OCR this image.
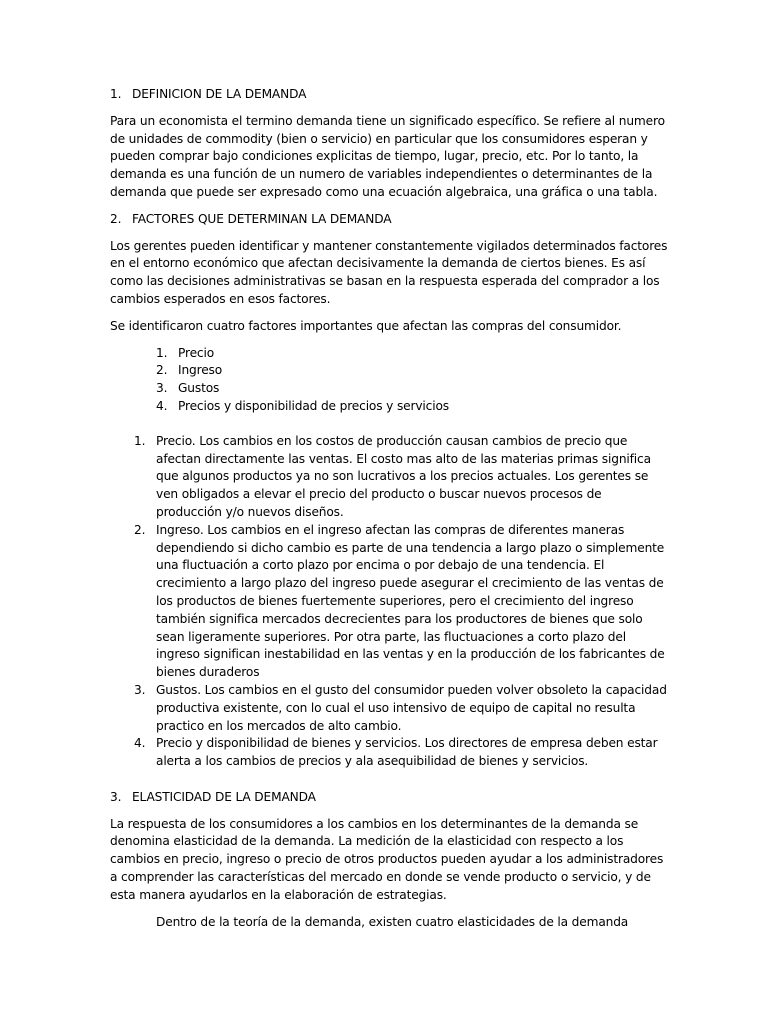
1. DEFINICION DE LA DEMANDA

Para un economista el termino demanda tiene un significado específico. Se refiere al numero de unidades de commodity (bien o servicio) en particular que los consumidores esperan y pueden comprar bajo condiciones explicitas de tiempo, lugar, precio, etc. Por lo tanto, la demanda es una función de un numero de variables independientes o determinantes de la demanda que puede ser expresado como una ecuación algebraica, una gráfica o una tabla.

2. FACTORES QUE DETERMINAN LA DEMANDA

Los gerentes pueden identificar y mantener constantemente vigilados determinados factores en el entorno económico que afectan decisivamente la demanda de ciertos bienes. Es así como las decisiones administrativas se basan en la respuesta esperada del comprador a los cambios esperados en esos factores.

Se identificaron cuatro factores importantes que afectan las compras del consumidor.

1. Precio
2. Ingreso
3. Gustos
4. Precios y disponibilidad de precios y servicios
1. Precio. Los cambios en los costos de producción causan cambios de precio que afectan directamente las ventas. El costo mas alto de las materias primas significa que algunos productos ya no son lucrativos a los precios actuales. Los gerentes se ven obligados a elevar el precio del producto o buscar nuevos procesos de producción y/o nuevos diseños.
2. Ingreso. Los cambios en el ingreso afectan las compras de diferentes maneras dependiendo si dicho cambio es parte de una tendencia a largo plazo o simplemente una fluctuación a corto plazo por encima o por debajo de una tendencia. El crecimiento a largo plazo del ingreso puede asegurar el crecimiento de las ventas de los productos de bienes fuertemente superiores, pero el crecimiento del ingreso también significa mercados decrecientes para los productores de bienes que solo sean ligeramente superiores. Por otra parte, las fluctuaciones a corto plazo del ingreso significan inestabilidad en las ventas y en la producción de los fabricantes de bienes duraderos
3. Gustos. Los cambios en el gusto del consumidor pueden volver obsoleto la capacidad productiva existente, con lo cual el uso intensivo de equipo de capital no resulta practico en los mercados de alto cambio.
4. Precio y disponibilidad de bienes y servicios. Los directores de empresa deben estar alerta a los cambios de precios y ala asequibilidad de bienes y servicios.
3. ELASTICIDAD DE LA DEMANDA

La respuesta de los consumidores a los cambios en los determinantes de la demanda se denomina elasticidad de la demanda. La medición de la elasticidad con respecto a los cambios en precio, ingreso o precio de otros productos pueden ayudar a los administradores a comprender las características del mercado en donde se vende producto o servicio, y de esta manera ayudarlos en la elaboración de estrategias.

Dentro de la teoría de la demanda, existen cuatro elasticidades de la demanda
